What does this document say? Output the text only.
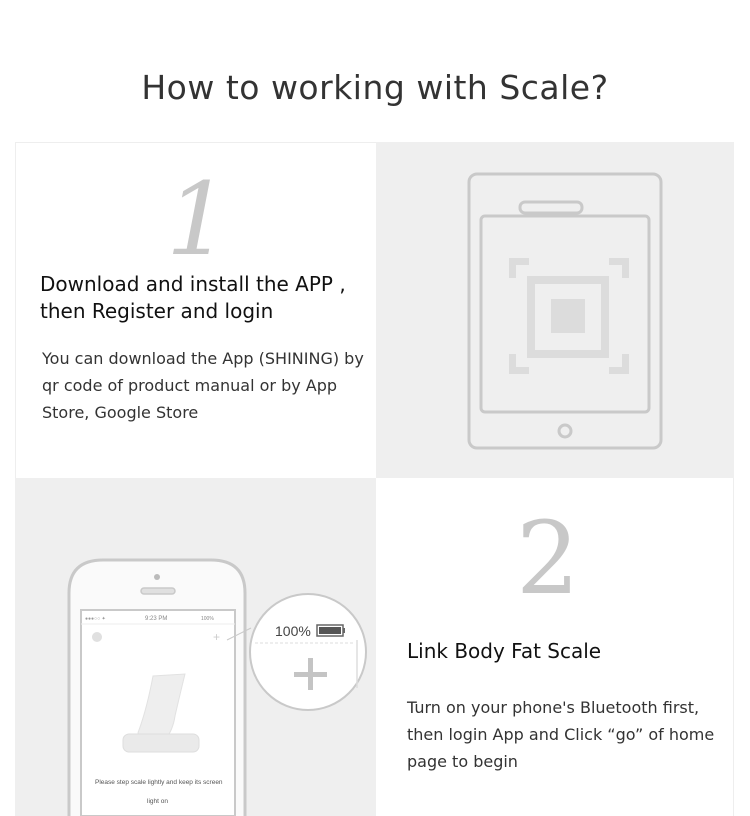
How to working with Scale?
1
Download and install the APP , then Register and login
You can download the App (SHINING) by qr code of product manual or by App Store, Google Store
●●●○○ ✦	9:23 PM	100%
+
Please step scale lightly and keep its screen
light on
100%
2
Link Body Fat Scale
Turn on your phone's Bluetooth first, then login App and Click “go” of home page to begin
